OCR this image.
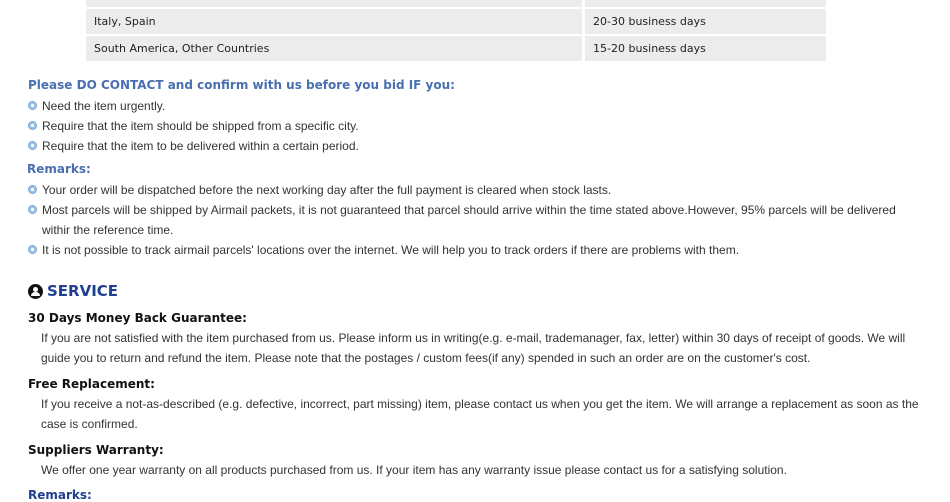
Italy, Spain	20-30 business days
South America, Other Countries	15-20 business days
Please DO CONTACT and confirm with us before you bid IF you:
Need the item urgently.
Require that the item should be shipped from a specific city.
Require that the item to be delivered within a certain period.
Remarks:
Your order will be dispatched before the next working day after the full payment is cleared when stock lasts.
Most parcels will be shipped by Airmail packets, it is not guaranteed that parcel should arrive within the time stated above.However, 95% parcels will be delivered withir the reference time.
It is not possible to track airmail parcels' locations over the internet. We will help you to track orders if there are problems with them.
SERVICE
30 Days Money Back Guarantee:
If you are not satisfied with the item purchased from us. Please inform us in writing(e.g. e-mail, trademanager, fax, letter) within 30 days of receipt of goods. We will guide you to return and refund the item. Please note that the postages / custom fees(if any) spended in such an order are on the customer's cost.
Free Replacement:
If you receive a not-as-described (e.g. defective, incorrect, part missing) item, please contact us when you get the item. We will arrange a replacement as soon as the case is confirmed.
Suppliers Warranty:
We offer one year warranty on all products purchased from us. If your item has any warranty issue please contact us for a satisfying solution.
Remarks:
